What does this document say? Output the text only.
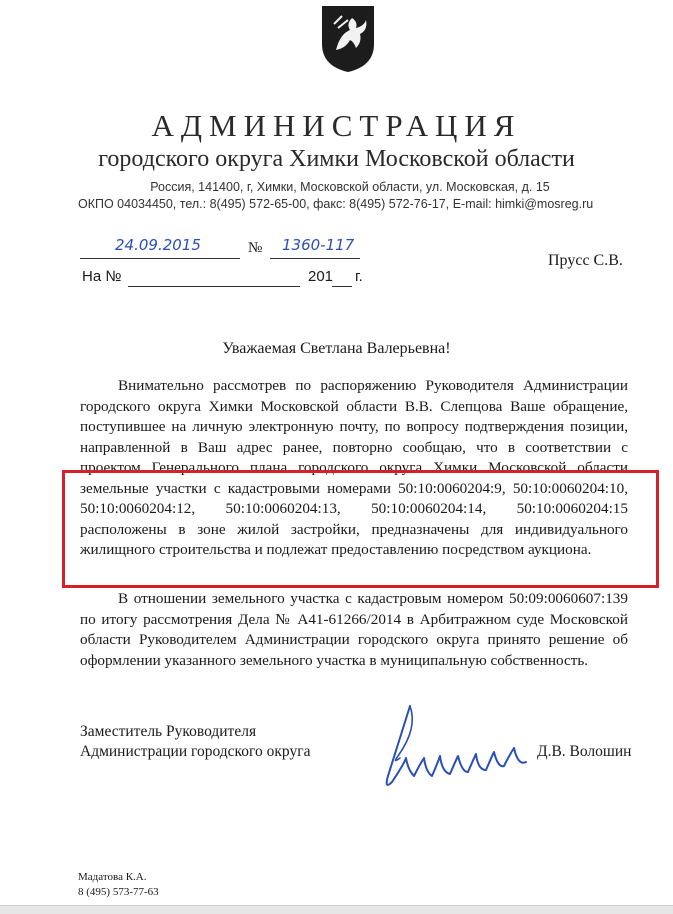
АДМИНИСТРАЦИЯ
городского округа Химки Московской области
Россия, 141400, г, Химки, Московской области, ул. Московская, д. 15
ОКПО 04034450, тел.: 8(495) 572-65-00, факс: 8(495) 572-76-17, E-mail: himki@mosreg.ru
24.09.2015	№ 1360-117
На №	201 г.
Прусс С.В.
Уважаемая Светлана Валерьевна!
Внимательно рассмотрев по распоряжению Руководителя Администрации городского округа Химки Московской области В.В. Слепцова Ваше обращение, поступившее на личную электронную почту, по вопросу подтверждения позиции, направленной в Ваш адрес ранее, повторно сообщаю, что в соответствии с проектом Генерального плана городского округа Химки Московской области земельные участки с кадастровыми номерами 50:10:0060204:9, 50:10:0060204:10, 50:10:0060204:12, 50:10:0060204:13, 50:10:0060204:14, 50:10:0060204:15 расположены в зоне жилой застройки, предназначены для индивидуального жилищного строительства и подлежат предоставлению посредством аукциона.
В отношении земельного участка с кадастровым номером 50:09:0060607:139 по итогу рассмотрения Дела № А41-61266/2014 в Арбитражном суде Московской области Руководителем Администрации городского округа принято решение об оформлении указанного земельного участка в муниципальную собственность.
Заместитель Руководителя
Администрации городского округа	Д.В. Волошин
Мадатова К.А.
8 (495) 573-77-63
